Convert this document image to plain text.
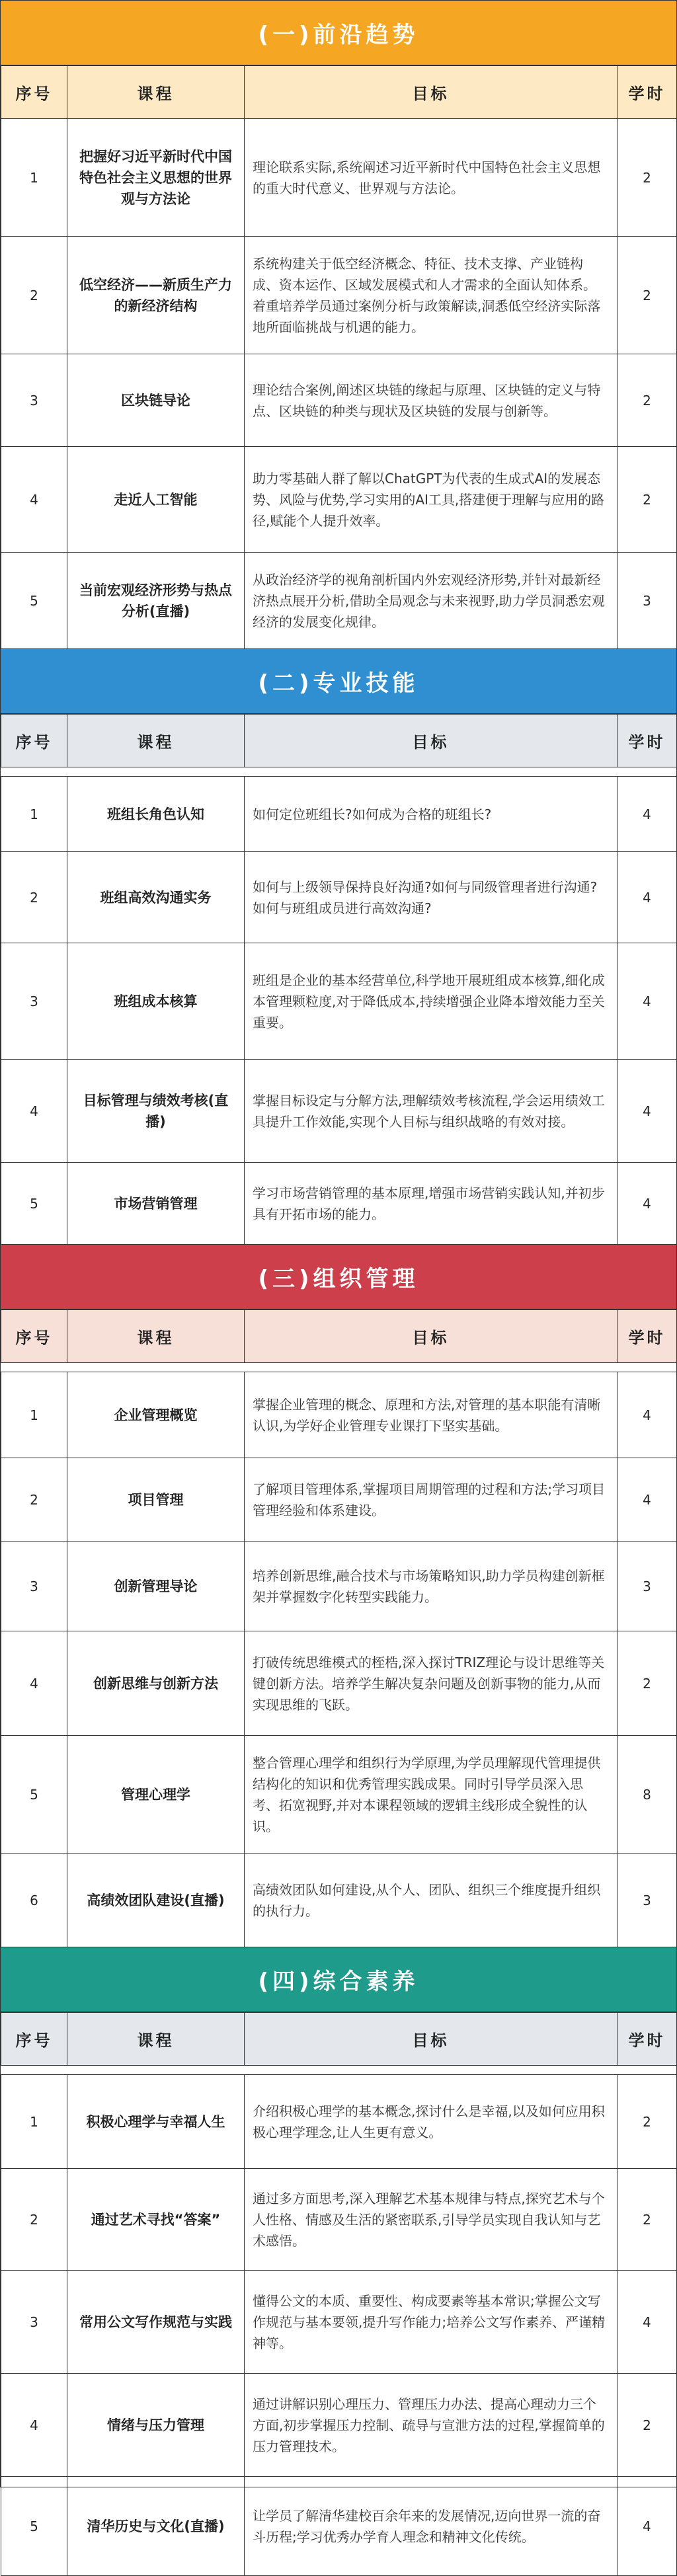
(一)前沿趋势
序号	课程	目标	学时
1	把握好习近平新时代中国特色社会主义思想的世界观与方法论	理论联系实际,系统阐述习近平新时代中国特色社会主义思想的重大时代意义、世界观与方法论。	2
2	低空经济——新质生产力的新经济结构	系统构建关于低空经济概念、特征、技术支撑、产业链构成、资本运作、区域发展模式和人才需求的全面认知体系。着重培养学员通过案例分析与政策解读,洞悉低空经济实际落地所面临挑战与机遇的能力。	2
3	区块链导论	理论结合案例,阐述区块链的缘起与原理、区块链的定义与特点、区块链的种类与现状及区块链的发展与创新等。	2
4	走近人工智能	助力零基础人群了解以ChatGPT为代表的生成式AI的发展态势、风险与优势,学习实用的AI工具,搭建便于理解与应用的路径,赋能个人提升效率。	2
5	当前宏观经济形势与热点分析(直播)	从政治经济学的视角剖析国内外宏观经济形势,并针对最新经济热点展开分析,借助全局观念与未来视野,助力学员洞悉宏观经济的发展变化规律。	3
(二)专业技能
序号	课程	目标	学时

1	班组长角色认知	如何定位班组长?如何成为合格的班组长?	4
2	班组高效沟通实务	如何与上级领导保持良好沟通?如何与同级管理者进行沟通?如何与班组成员进行高效沟通?	4
3	班组成本核算	班组是企业的基本经营单位,科学地开展班组成本核算,细化成本管理颗粒度,对于降低成本,持续增强企业降本增效能力至关重要。	4
4	目标管理与绩效考核(直播)	掌握目标设定与分解方法,理解绩效考核流程,学会运用绩效工具提升工作效能,实现个人目标与组织战略的有效对接。	4
5	市场营销管理	学习市场营销管理的基本原理,增强市场营销实践认知,并初步具有开拓市场的能力。	4
(三)组织管理
序号	课程	目标	学时

1	企业管理概览	掌握企业管理的概念、原理和方法,对管理的基本职能有清晰认识,为学好企业管理专业课打下坚实基础。	4
2	项目管理	了解项目管理体系,掌握项目周期管理的过程和方法;学习项目管理经验和体系建设。	4
3	创新管理导论	培养创新思维,融合技术与市场策略知识,助力学员构建创新框架并掌握数字化转型实践能力。	3
4	创新思维与创新方法	打破传统思维模式的桎梏,深入探讨TRIZ理论与设计思维等关键创新方法。培养学生解决复杂问题及创新事物的能力,从而实现思维的飞跃。	2
5	管理心理学	整合管理心理学和组织行为学原理,为学员理解现代管理提供结构化的知识和优秀管理实践成果。同时引导学员深入思考、拓宽视野,并对本课程领域的逻辑主线形成全貌性的认识。	8
6	高绩效团队建设(直播)	高绩效团队如何建设,从个人、团队、组织三个维度提升组织的执行力。	3
(四)综合素养
序号	课程	目标	学时

1	积极心理学与幸福人生	介绍积极心理学的基本概念,探讨什么是幸福,以及如何应用积极心理学理念,让人生更有意义。	2
2	通过艺术寻找“答案”	通过多方面思考,深入理解艺术基本规律与特点,探究艺术与个人性格、情感及生活的紧密联系,引导学员实现自我认知与艺术感悟。	2
3	常用公文写作规范与实践	懂得公文的本质、重要性、构成要素等基本常识;掌握公文写作规范与基本要领,提升写作能力;培养公文写作素养、严谨精神等。	4
4	情绪与压力管理	通过讲解识别心理压力、管理压力办法、提高心理动力三个方面,初步掌握压力控制、疏导与宣泄方法的过程,掌握简单的压力管理技术。	2
5	清华历史与文化(直播)	让学员了解清华建校百余年来的发展情况,迈向世界一流的奋斗历程;学习优秀办学育人理念和精神文化传统。	4
